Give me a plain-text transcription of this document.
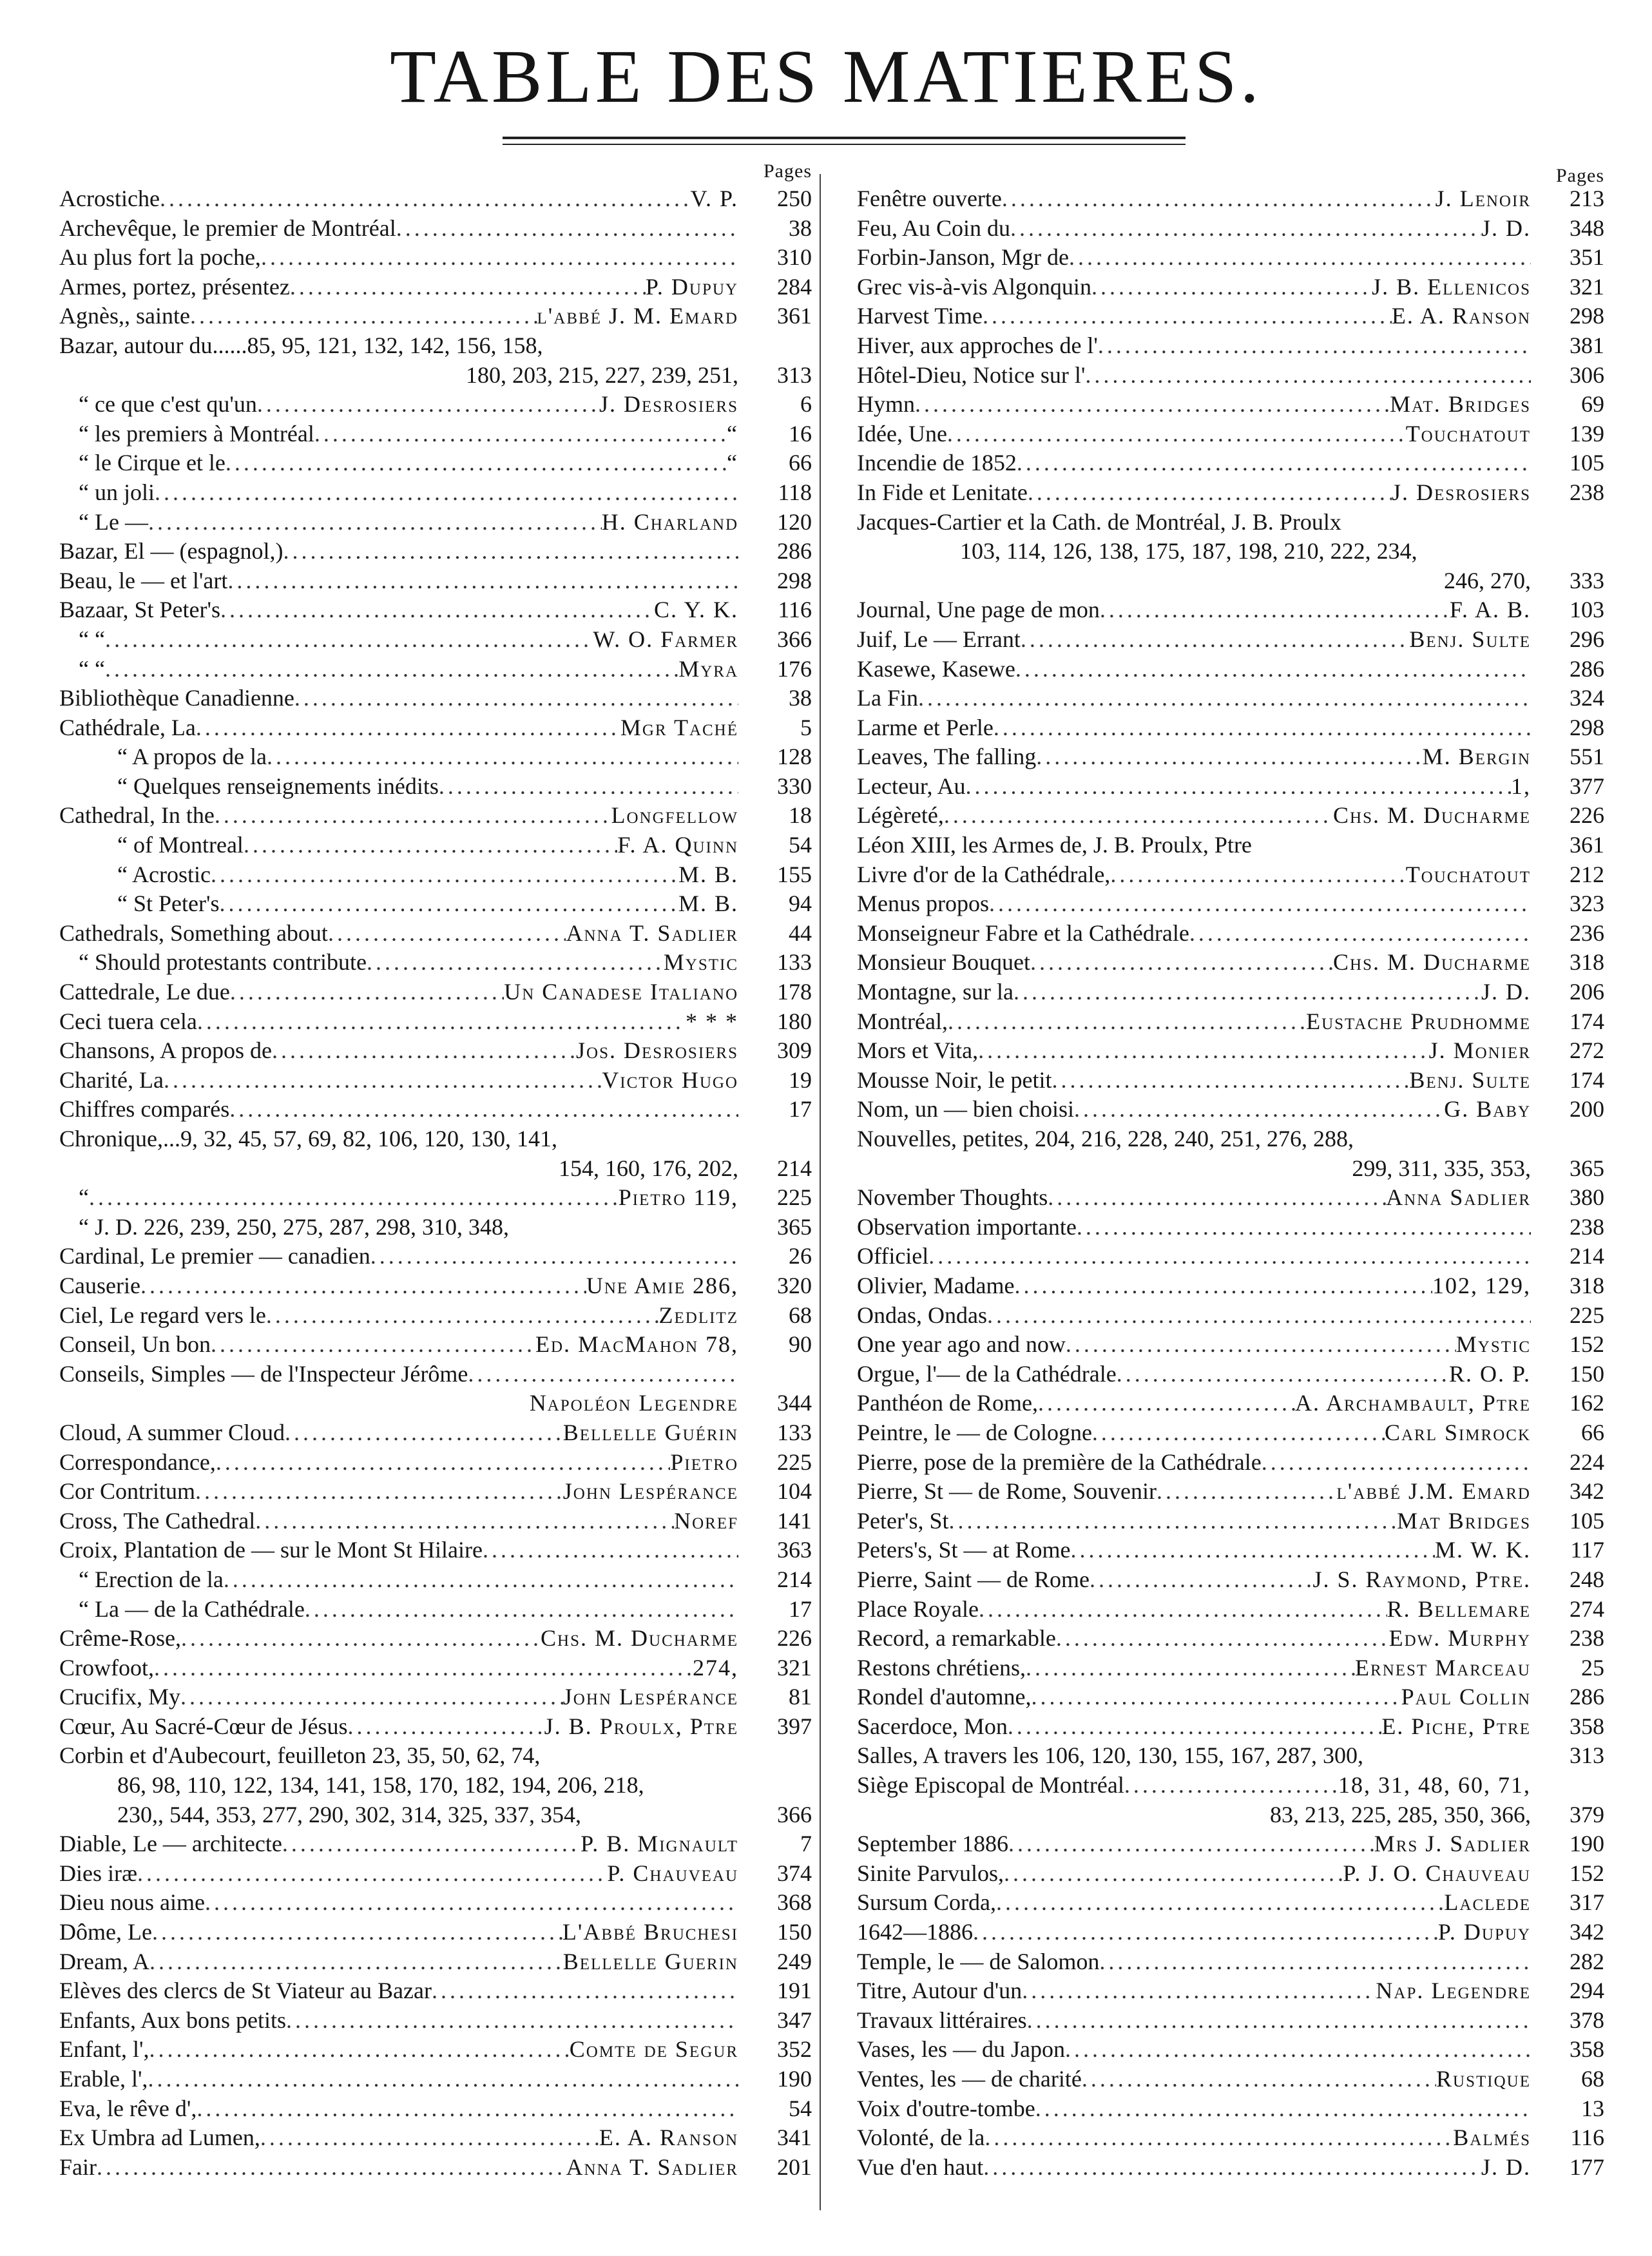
TABLE DES MATIERES.
Pages
Acrostiche .....	V. P.	250
Archevêque, le premier de Montréal .....	38
Au plus fort la poche, .....	310
Armes, portez, présentez .....	P. Dupuy	284
Agnès,, sainte .....	l'abbé J. M. Emard	361
Bazar, autour du......85, 95, 121, 132, 142, 156, 158,
180, 203, 215, 227, 239, 251,	313
“ ce que c'est qu'un .....	J. Desrosiers	6
“ les premiers à Montréal .....	“	16
“ le Cirque et le .....	“	66
“ un joli .....	118
“ Le — .....	H. Charland	120
Bazar, El — (espagnol,) .....	286
Beau, le — et l'art .....	298
Bazaar, St Peter's .....	C. Y. K.	116
“ “ .....	W. O. Farmer	366
“ “ .....	Myra	176
Bibliothèque Canadienne .....	38
Cathédrale, La .....	Mgr Taché	5
“ A propos de la .....	128
“ Quelques renseignements inédits .....	330
Cathedral, In the .....	Longfellow	18
“ of Montreal .....	F. A. Quinn	54
“ Acrostic .....	M. B.	155
“ St Peter's .....	M. B.	94
Cathedrals, Something about .....	Anna T. Sadlier	44
“ Should protestants contribute .....	Mystic	133
Cattedrale, Le due .....	Un Canadese Italiano	178
Ceci tuera cela .....	* * *	180
Chansons, A propos de .....	Jos. Desrosiers	309
Charité, La .....	Victor Hugo	19
Chiffres comparés .....	17
Chronique,...9, 32, 45, 57, 69, 82, 106, 120, 130, 141,
154, 160, 176, 202,	214
“ .....	Pietro 119,	225
“ J. D. 226, 239, 250, 275, 287, 298, 310, 348,	365
Cardinal, Le premier — canadien .....	26
Causerie .....	Une Amie 286,	320
Ciel, Le regard vers le .....	Zedlitz	68
Conseil, Un bon .....	Ed. MacMahon 78,	90
Conseils, Simples — de l'Inspecteur Jérôme
.....
Napoléon Legendre	344
Cloud, A summer Cloud .....	Bellelle Guérin	133
Correspondance, .....	Pietro	225
Cor Contritum .....	John Lespérance	104
Cross, The Cathedral .....	Noref	141
Croix, Plantation de — sur le Mont St Hilaire .....	363
“ Erection de la .....	214
“ La — de la Cathédrale .....	17
Crême-Rose, .....	Chs. M. Ducharme	226
Crowfoot, .....	274,	321
Crucifix, My .....	John Lespérance	81
Cœur, Au Sacré-Cœur de Jésus .....	J. B. Proulx, Ptre	397
Corbin et d'Aubecourt, feuilleton 23, 35, 50, 62, 74,
86, 98, 110, 122, 134, 141, 158, 170, 182, 194, 206, 218,
230,, 544, 353, 277, 290, 302, 314, 325, 337, 354,	366
Diable, Le — architecte .....	P. B. Mignault	7
Dies iræ .....	P. Chauveau	374
Dieu nous aime .....	368
Dôme, Le .....	L'Abbé Bruchesi	150
Dream, A .....	Bellelle Guerin	249
Elèves des clercs de St Viateur au Bazar .....	191
Enfants, Aux bons petits .....	347
Enfant, l', .....	Comte de Segur	352
Erable, l', .....	190
Eva, le rêve d', .....	54
Ex Umbra ad Lumen, .....	E. A. Ranson	341
Fair .....	Anna T. Sadlier	201
Pages
Fenêtre ouverte .....	J. Lenoir	213
Feu, Au Coin du .....	J. D.	348
Forbin-Janson, Mgr de .....	351
Grec vis-à-vis Algonquin .....	J. B. Ellenicos	321
Harvest Time .....	E. A. Ranson	298
Hiver, aux approches de l' .....	381
Hôtel-Dieu, Notice sur l' .....	306
Hymn .....	Mat. Bridges	69
Idée, Une .....	Touchatout	139
Incendie de 1852 .....	105
In Fide et Lenitate .....	J. Desrosiers	238
Jacques-Cartier et la Cath. de Montréal, J. B. Proulx
103, 114, 126, 138, 175, 187, 198, 210, 222, 234,
246, 270,	333
Journal, Une page de mon .....	F. A. B.	103
Juif, Le — Errant .....	Benj. Sulte	296
Kasewe, Kasewe .....	286
La Fin .....	324
Larme et Perle .....	298
Leaves, The falling .....	M. Bergin	551
Lecteur, Au .....	1,	377
Légèreté, .....	Chs. M. Ducharme	226
Léon XIII, les Armes de, J. B. Proulx, Ptre	361
Livre d'or de la Cathédrale, .....	Touchatout	212
Menus propos .....	323
Monseigneur Fabre et la Cathédrale .....	236
Monsieur Bouquet .....	Chs. M. Ducharme	318
Montagne, sur la .....	J. D.	206
Montréal, .....	Eustache Prudhomme	174
Mors et Vita, .....	J. Monier	272
Mousse Noir, le petit .....	Benj. Sulte	174
Nom, un — bien choisi .....	G. Baby	200
Nouvelles, petites, 204, 216, 228, 240, 251, 276, 288,
299, 311, 335, 353,	365
November Thoughts .....	Anna Sadlier	380
Observation importante .....	238
Officiel .....	214
Olivier, Madame .....	102, 129,	318
Ondas, Ondas .....	225
One year ago and now .....	Mystic	152
Orgue, l'— de la Cathédrale .....	R. O. P.	150
Panthéon de Rome, .....	A. Archambault, Ptre	162
Peintre, le — de Cologne .....	Carl Simrock	66
Pierre, pose de la première de la Cathédrale .....	224
Pierre, St — de Rome, Souvenir .....	l'abbé J.M. Emard	342
Peter's, St .....	Mat Bridges	105
Peters's, St — at Rome .....	M. W. K.	117
Pierre, Saint — de Rome .....	J. S. Raymond, Ptre.	248
Place Royale .....	R. Bellemare	274
Record, a remarkable .....	Edw. Murphy	238
Restons chrétiens, .....	Ernest Marceau	25
Rondel d'automne, .....	Paul Collin	286
Sacerdoce, Mon .....	E. Piche, Ptre	358
Salles, A travers les 106, 120, 130, 155, 167, 287, 300,	313
Siège Episcopal de Montréal .....	18, 31, 48, 60, 71,
83, 213, 225, 285, 350, 366,	379
September 1886 .....	Mrs J. Sadlier	190
Sinite Parvulos, .....	P. J. O. Chauveau	152
Sursum Corda, .....	Laclede	317
1642—1886 .....	P. Dupuy	342
Temple, le — de Salomon .....	282
Titre, Autour d'un .....	Nap. Legendre	294
Travaux littéraires .....	378
Vases, les — du Japon .....	358
Ventes, les — de charité .....	Rustique	68
Voix d'outre-tombe .....	13
Volonté, de la .....	Balmés	116
Vue d'en haut .....	J. D.	177
